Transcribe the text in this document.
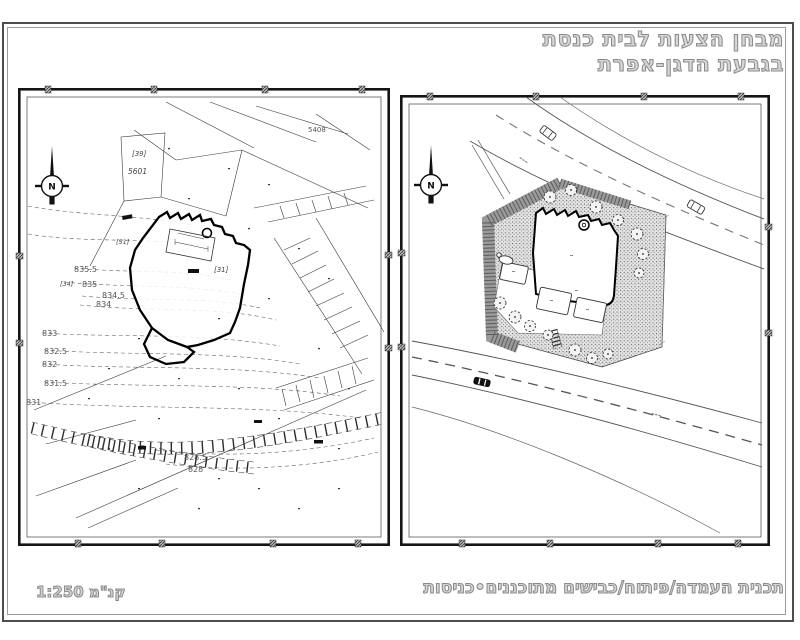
מבחן הצעות לבית כנסת
בגבעת הדגן-אפרת
N
[39]
5601
5408
[51]
[31]
[34]
835.5
835
834.5
834
833
832.5
832
831.5
831
828.5
828
N
תכנית העמדה/פיתוח/כבישים מתוכננים•כניסות
קנ"מ 1:250
